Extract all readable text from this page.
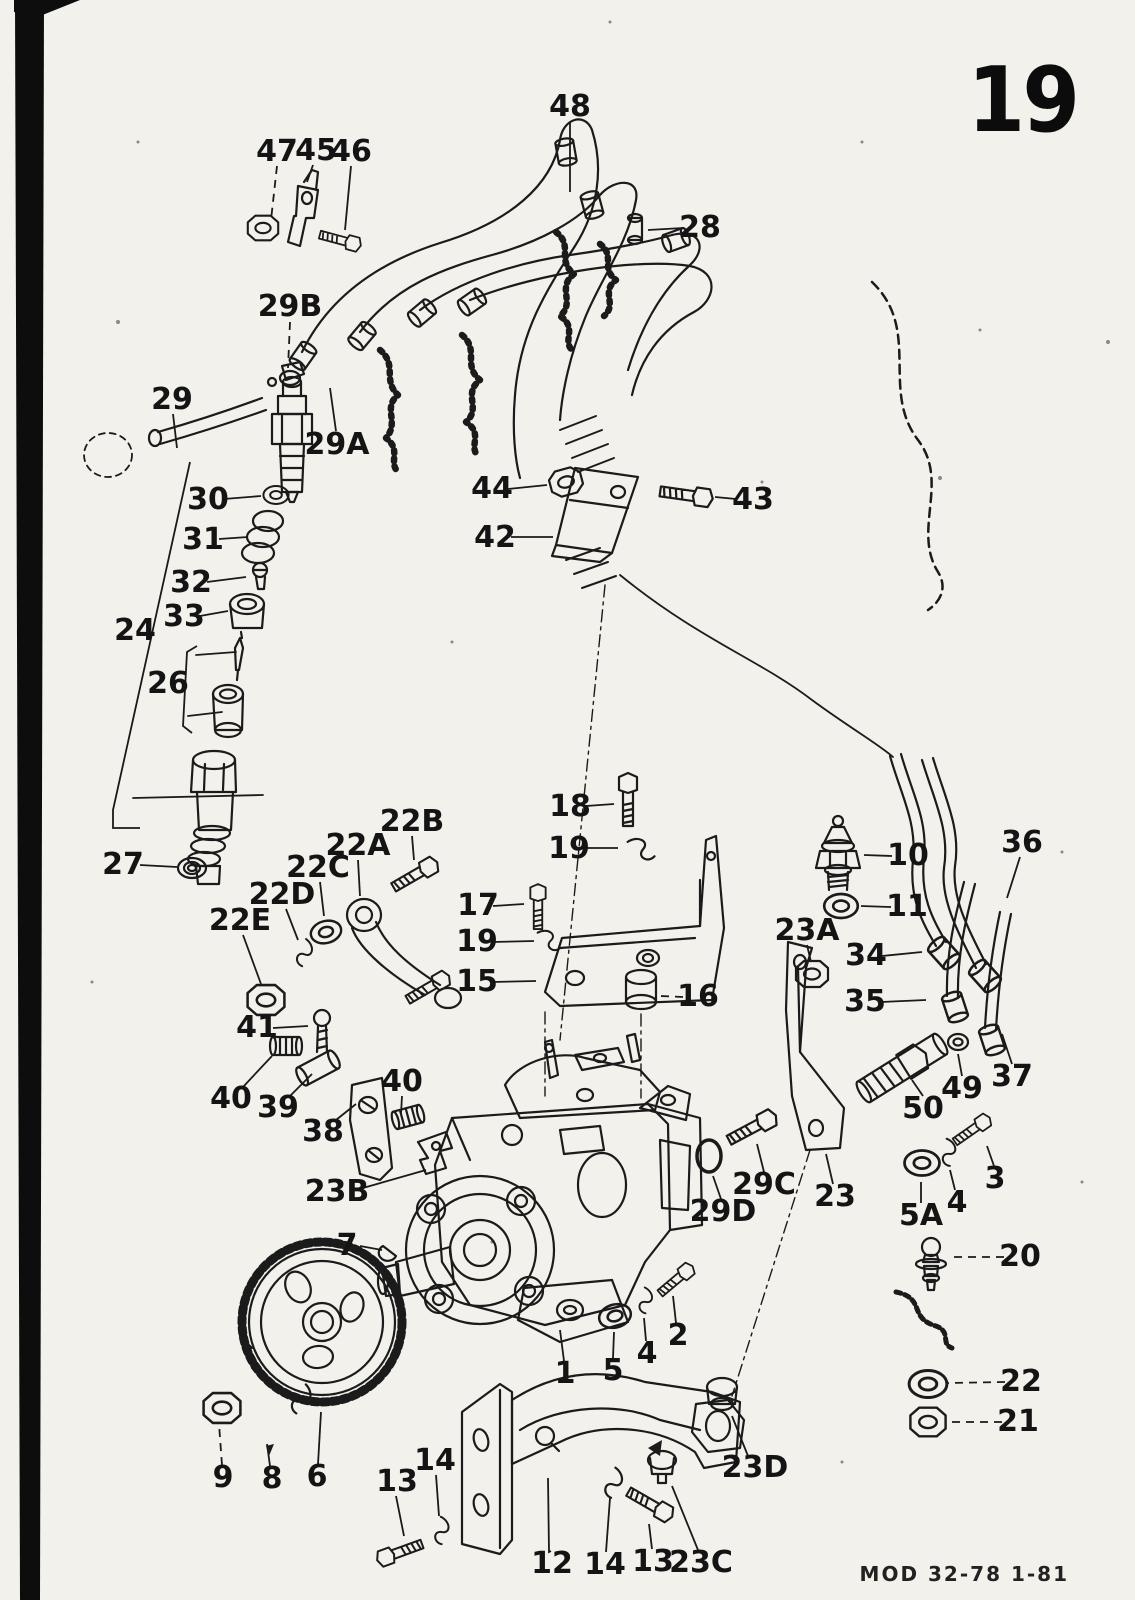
48
47
45
46
28
29B
29
29A
44	43
42
30
31
32
33
24
26
27
18
19
22B
22A
22C
22D
22E	17
19
15	16
10 36
11
23A
34
35
41
40 39
38
40
23B
7
50
49 37
29C
29D 23
5A 4
3
20
1 5 4
2
22
21
9 8 6 13
14
12 14 13
23C
23D
19
MOD 32-78 1-81
